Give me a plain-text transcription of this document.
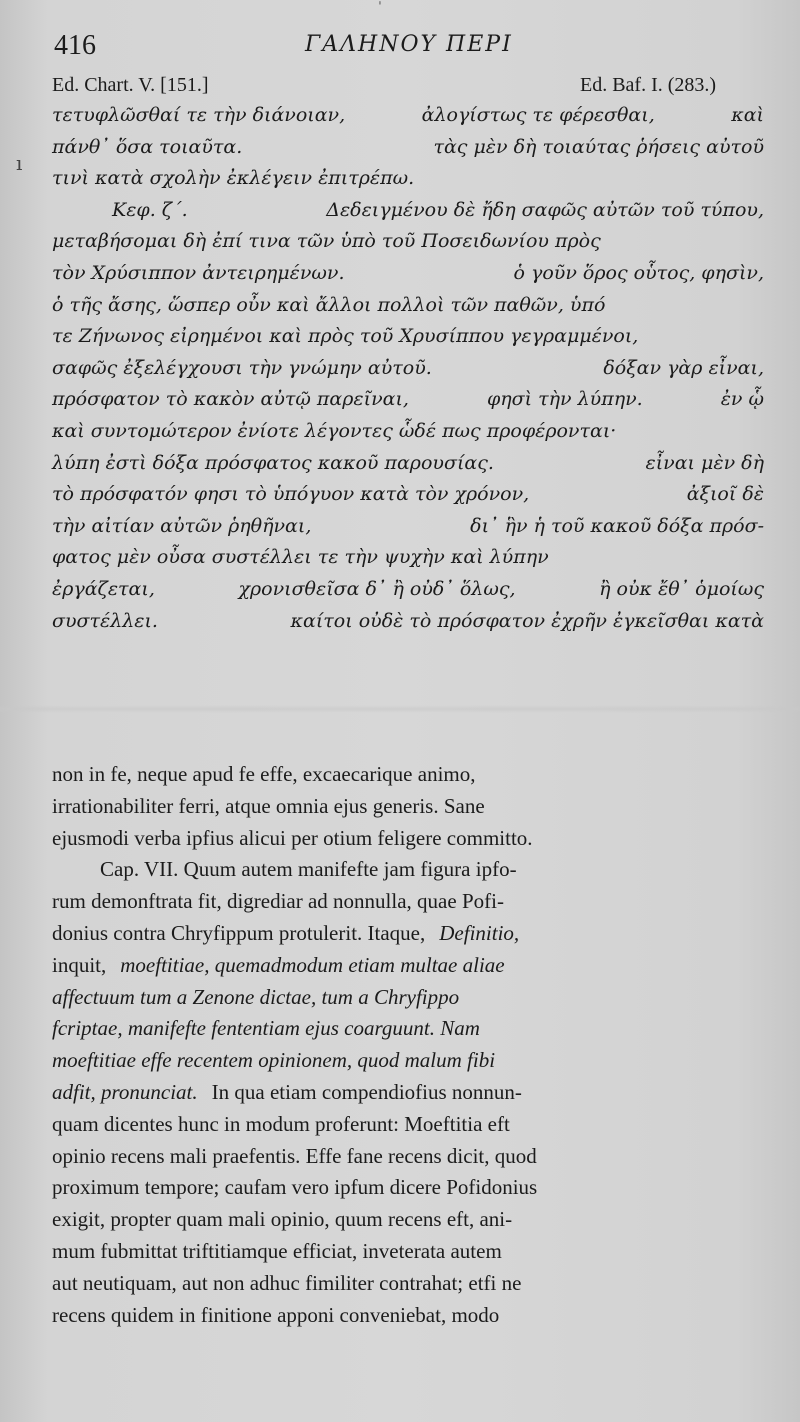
ˈ
416	ΓΑΛΗΝΟΥ ΠΕΡΙ
Ed. Chart. V. [151.]	Ed. Baf. I. (283.)
ı
τετυφλῶσθαί τε τὴν διάνοιαν,	ἀλογίστως τε φέρεσθαι,	καὶ
πάνθ᾽ ὅσα τοιαῦτα.	τὰς μὲν δὴ τοιαύτας ῥήσεις αὐτοῦ
τινὶ κατὰ σχολὴν ἐκλέγειν ἐπιτρέπω.
Κεφ. ζ΄.	Δεδειγμένου δὲ ἤδη σαφῶς αὐτῶν τοῦ τύπου,
μεταβήσομαι δὴ ἐπί τινα τῶν ὑπὸ τοῦ Ποσειδωνίου πρὸς
τὸν Χρύσιππον ἀντειρημένων.	ὁ γοῦν ὅρος οὗτος, φησὶν,
ὁ τῆς ἄσης, ὥσπερ οὖν καὶ ἄλλοι πολλοὶ τῶν παθῶν, ὑπό
τε Ζήνωνος εἰρημένοι καὶ πρὸς τοῦ Χρυσίππου γεγραμμένοι,
σαφῶς ἐξελέγχουσι τὴν γνώμην αὐτοῦ.	δόξαν γὰρ εἶναι,
πρόσφατον τὸ κακὸν αὐτῷ παρεῖναι,	φησὶ τὴν λύπην.	ἐν ᾧ
καὶ συντομώτερον ἐνίοτε λέγοντες ὧδέ πως προφέρονται·
λύπη ἐστὶ δόξα πρόσφατος κακοῦ παρουσίας.	εἶναι μὲν δὴ
τὸ πρόσφατόν φησι τὸ ὑπόγυον κατὰ τὸν χρόνον,	ἀξιοῖ δὲ
τὴν αἰτίαν αὐτῶν ῥηθῆναι,	δι᾽ ἣν ἡ τοῦ κακοῦ δόξα πρόσ-
φατος μὲν οὖσα συστέλλει τε τὴν ψυχὴν καὶ λύπην
ἐργάζεται,	χρονισθεῖσα δ᾽ ἢ οὐδ᾽ ὅλως,	ἢ οὐκ ἔθ᾽ ὁμοίως
συστέλλει.	καίτοι οὐδὲ τὸ πρόσφατον ἐχρῆν ἐγκεῖσθαι κατὰ
non in fe, neque apud fe effe, excaecarique animo,
irrationabiliter ferri, atque omnia ejus generis. Sane
ejusmodi verba ipfius alicui per otium feligere committo.
Cap. VII. Quum autem manifefte jam figura ipfo-
rum demonftrata fit, digrediar ad nonnulla, quae Pofi-
donius contra Chryfippum protulerit. Itaque, Definitio,
inquit, moeftitiae, quemadmodum etiam multae aliae
affectuum tum a Zenone dictae, tum a Chryfippo
fcriptae, manifefte fententiam ejus coarguunt. Nam
moeftitiae effe recentem opinionem, quod malum fibi
adfit, pronunciat. In qua etiam compendiofius nonnun-
quam dicentes hunc in modum proferunt: Moeftitia eft
opinio recens mali praefentis. Effe fane recens dicit, quod
proximum tempore; caufam vero ipfum dicere Pofidonius
exigit, propter quam mali opinio, quum recens eft, ani-
mum fubmittat triftitiamque efficiat, inveterata autem
aut neutiquam, aut non adhuc fimiliter contrahat; etfi ne
recens quidem in finitione apponi conveniebat, modo
